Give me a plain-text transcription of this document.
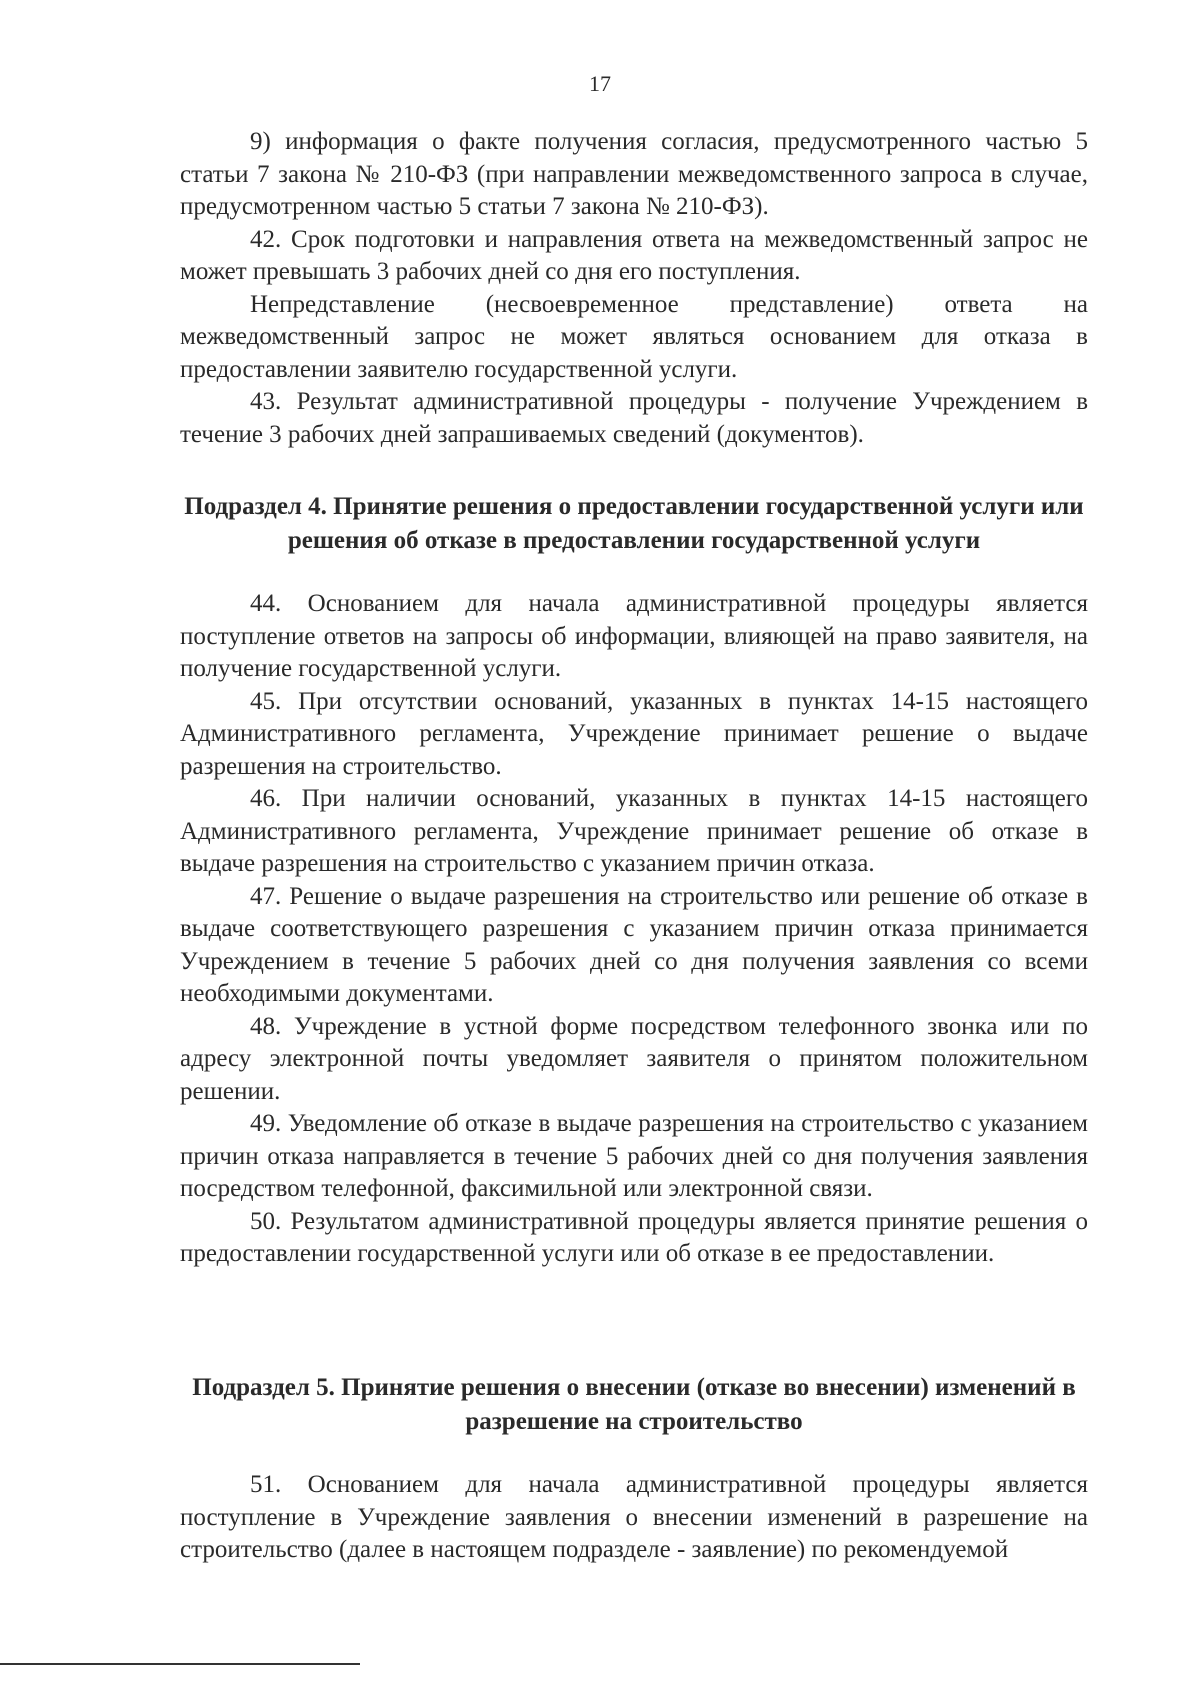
17

9) информация о факте получения согласия, предусмотренного частью 5 статьи 7 закона № 210-ФЗ (при направлении межведомственного запроса в случае, предусмотренном частью 5 статьи 7 закона № 210-ФЗ).

42. Срок подготовки и направления ответа на межведомственный запрос не может превышать 3 рабочих дней со дня его поступления.

Непредставление (несвоевременное представление) ответа на межведомственный запрос не может являться основанием для отказа в предоставлении заявителю государственной услуги.

43. Результат административной процедуры - получение Учреждением в течение 3 рабочих дней запрашиваемых сведений (документов).

Подраздел 4. Принятие решения о предоставлении государственной услуги или решения об отказе в предоставлении государственной услуги

44. Основанием для начала административной процедуры является поступление ответов на запросы об информации, влияющей на право заявителя, на получение государственной услуги.

45. При отсутствии оснований, указанных в пунктах 14-15 настоящего Административного регламента, Учреждение принимает решение о выдаче разрешения на строительство.

46. При наличии оснований, указанных в пунктах 14-15 настоящего Административного регламента, Учреждение принимает решение об отказе в выдаче разрешения на строительство с указанием причин отказа.

47. Решение о выдаче разрешения на строительство или решение об отказе в выдаче соответствующего разрешения с указанием причин отказа принимается Учреждением в течение 5 рабочих дней со дня получения заявления со всеми необходимыми документами.

48. Учреждение в устной форме посредством телефонного звонка или по адресу электронной почты уведомляет заявителя о принятом положительном решении.

49. Уведомление об отказе в выдаче разрешения на строительство с указанием причин отказа направляется в течение 5 рабочих дней со дня получения заявления посредством телефонной, факсимильной или электронной связи.

50. Результатом административной процедуры является принятие решения о предоставлении государственной услуги или об отказе в ее предоставлении.

Подраздел 5. Принятие решения о внесении (отказе во внесении) изменений в разрешение на строительство

51. Основанием для начала административной процедуры является поступление в Учреждение заявления о внесении изменений в разрешение на строительство (далее в настоящем подразделе - заявление) по рекомендуемой
